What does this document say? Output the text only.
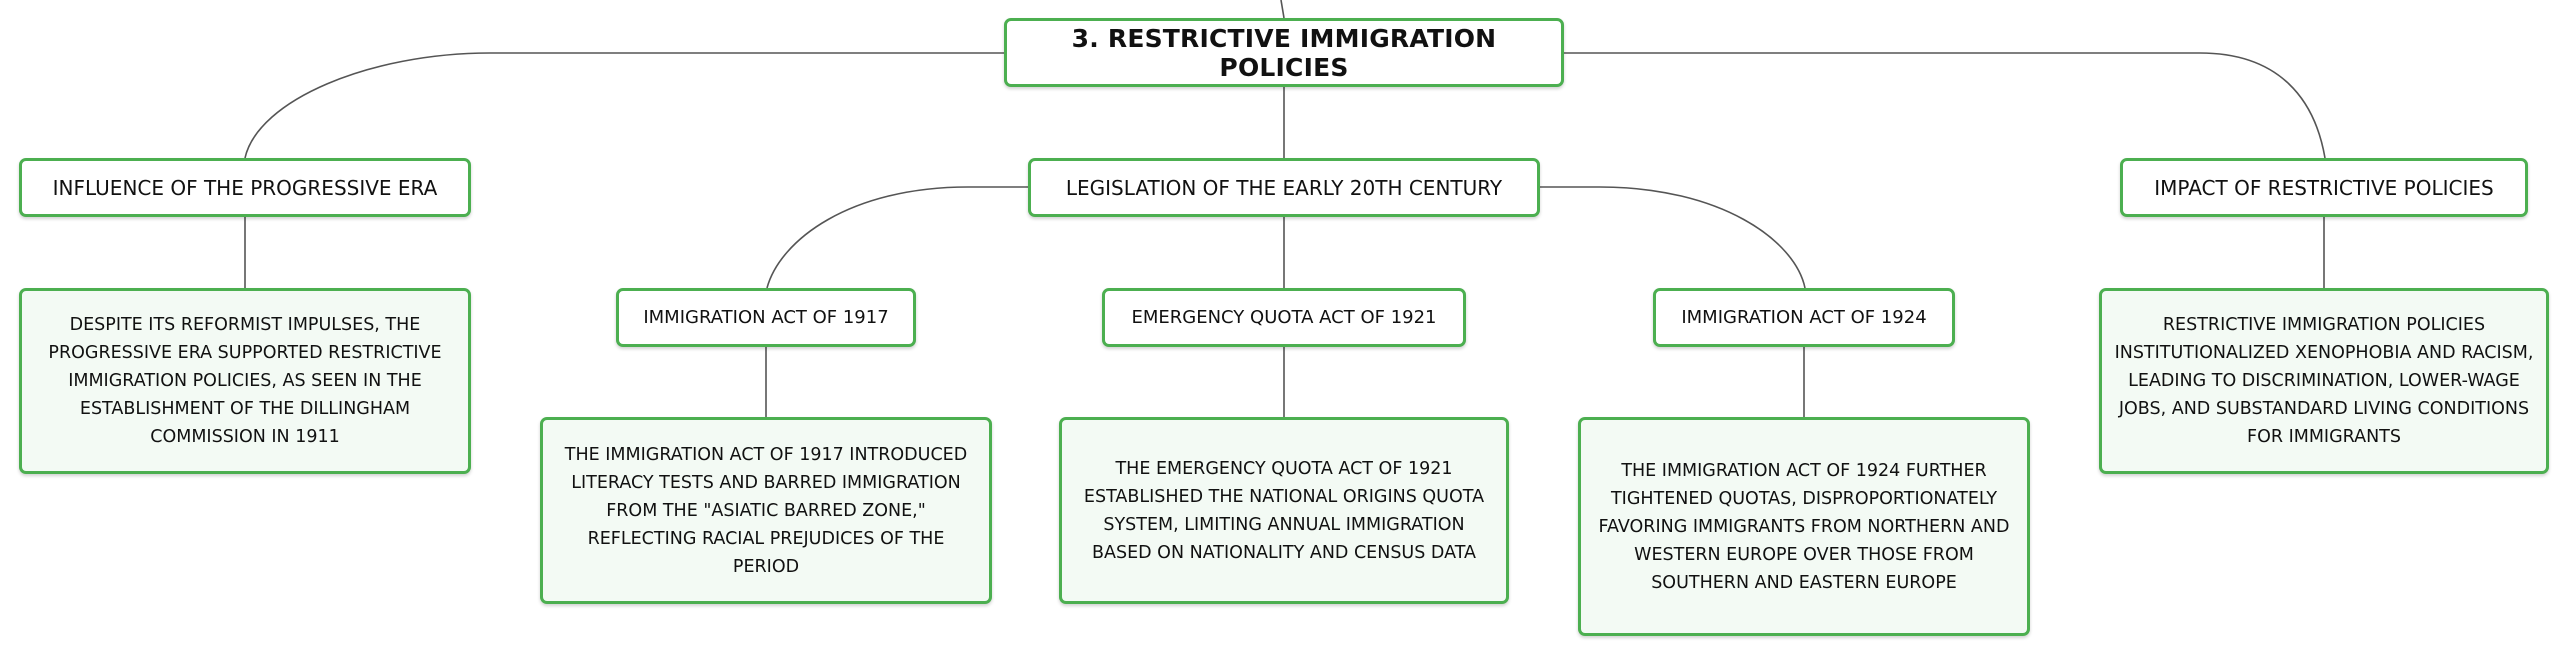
3. RESTRICTIVE IMMIGRATION POLICIES
INFLUENCE OF THE PROGRESSIVE ERA	LEGISLATION OF THE EARLY 20TH CENTURY	IMPACT OF RESTRICTIVE POLICIES
DESPITE ITS REFORMIST IMPULSES, THE PROGRESSIVE ERA SUPPORTED RESTRICTIVE IMMIGRATION POLICIES, AS SEEN IN THE ESTABLISHMENT OF THE DILLINGHAM COMMISSION IN 1911
IMMIGRATION ACT OF 1917	EMERGENCY QUOTA ACT OF 1921	IMMIGRATION ACT OF 1924
THE IMMIGRATION ACT OF 1917 INTRODUCED LITERACY TESTS AND BARRED IMMIGRATION FROM THE "ASIATIC BARRED ZONE," REFLECTING RACIAL PREJUDICES OF THE PERIOD
THE EMERGENCY QUOTA ACT OF 1921 ESTABLISHED THE NATIONAL ORIGINS QUOTA SYSTEM, LIMITING ANNUAL IMMIGRATION BASED ON NATIONALITY AND CENSUS DATA
THE IMMIGRATION ACT OF 1924 FURTHER TIGHTENED QUOTAS, DISPROPORTIONATELY FAVORING IMMIGRANTS FROM NORTHERN AND WESTERN EUROPE OVER THOSE FROM SOUTHERN AND EASTERN EUROPE
RESTRICTIVE IMMIGRATION POLICIES INSTITUTIONALIZED XENOPHOBIA AND RACISM, LEADING TO DISCRIMINATION, LOWER-WAGE JOBS, AND SUBSTANDARD LIVING CONDITIONS FOR IMMIGRANTS
